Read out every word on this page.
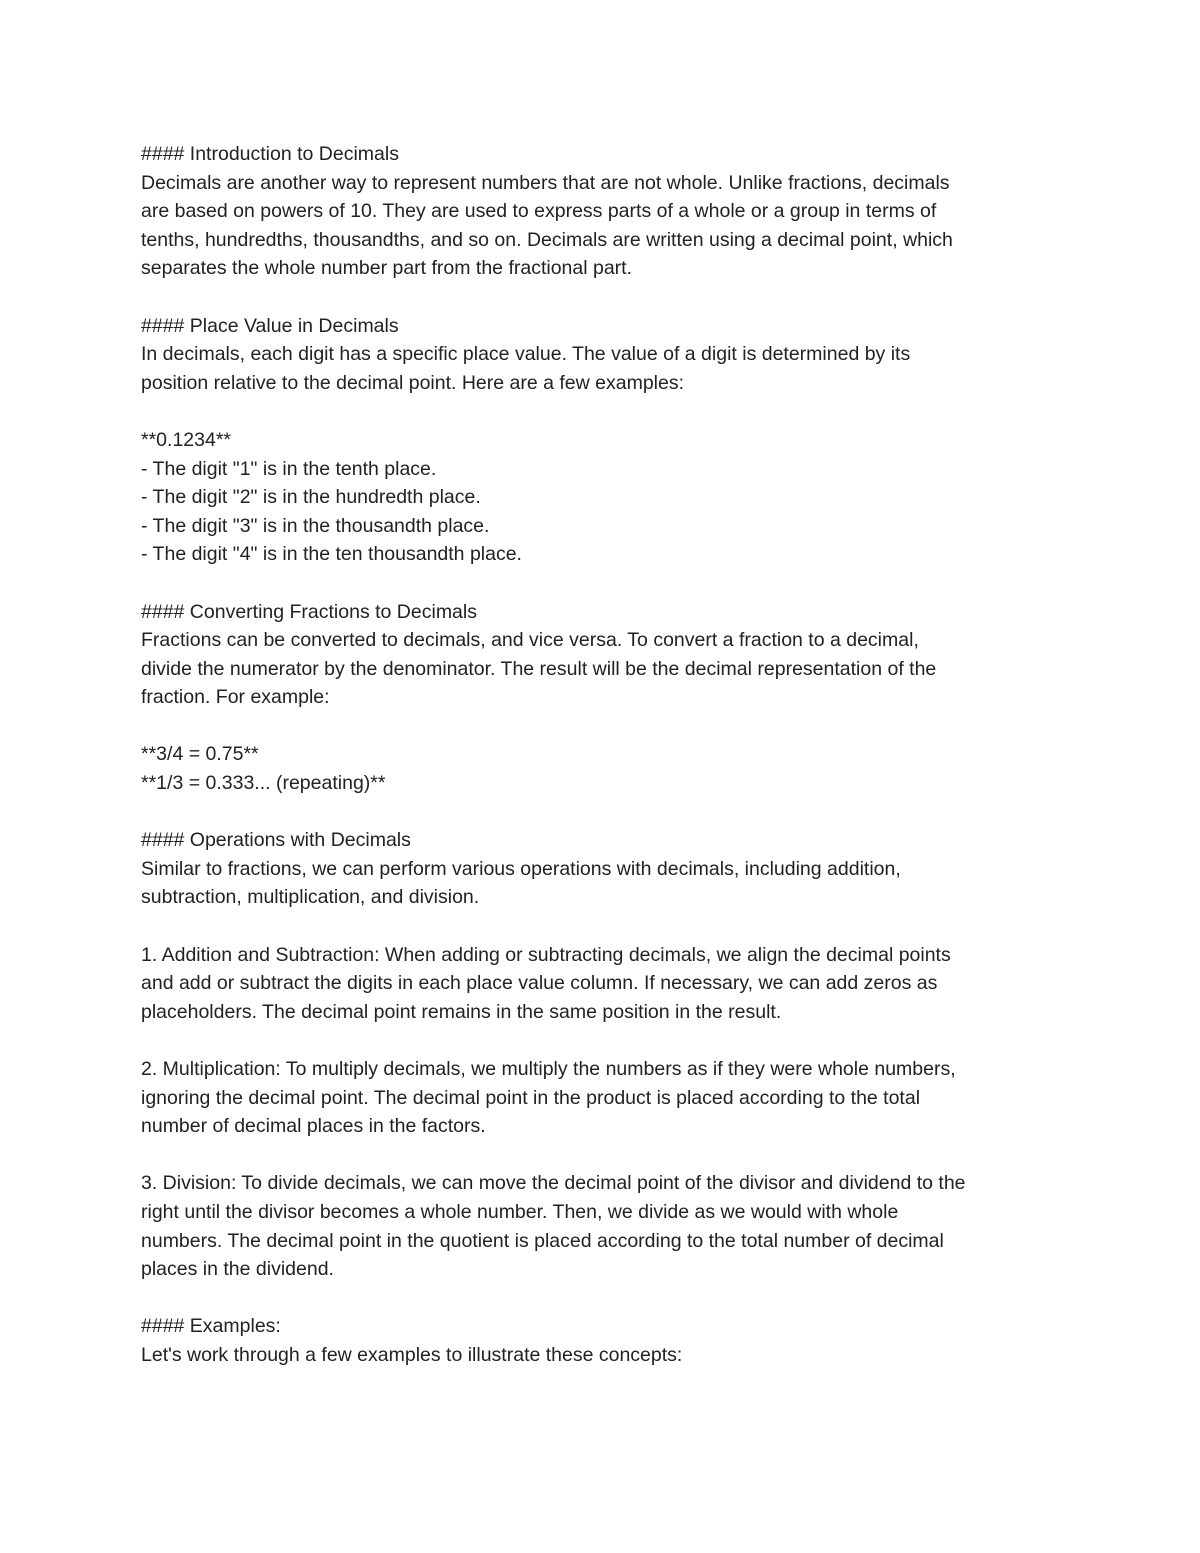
#### Introduction to Decimals
Decimals are another way to represent numbers that are not whole. Unlike fractions, decimals
are based on powers of 10. They are used to express parts of a whole or a group in terms of
tenths, hundredths, thousandths, and so on. Decimals are written using a decimal point, which
separates the whole number part from the fractional part.
#### Place Value in Decimals
In decimals, each digit has a specific place value. The value of a digit is determined by its
position relative to the decimal point. Here are a few examples:
**0.1234**
- The digit "1" is in the tenth place.
- The digit "2" is in the hundredth place.
- The digit "3" is in the thousandth place.
- The digit "4" is in the ten thousandth place.
#### Converting Fractions to Decimals
Fractions can be converted to decimals, and vice versa. To convert a fraction to a decimal,
divide the numerator by the denominator. The result will be the decimal representation of the
fraction. For example:
**3/4 = 0.75**
**1/3 = 0.333... (repeating)**
#### Operations with Decimals
Similar to fractions, we can perform various operations with decimals, including addition,
subtraction, multiplication, and division.
1. Addition and Subtraction: When adding or subtracting decimals, we align the decimal points
and add or subtract the digits in each place value column. If necessary, we can add zeros as
placeholders. The decimal point remains in the same position in the result.
2. Multiplication: To multiply decimals, we multiply the numbers as if they were whole numbers,
ignoring the decimal point. The decimal point in the product is placed according to the total
number of decimal places in the factors.
3. Division: To divide decimals, we can move the decimal point of the divisor and dividend to the
right until the divisor becomes a whole number. Then, we divide as we would with whole
numbers. The decimal point in the quotient is placed according to the total number of decimal
places in the dividend.
#### Examples:
Let's work through a few examples to illustrate these concepts:
